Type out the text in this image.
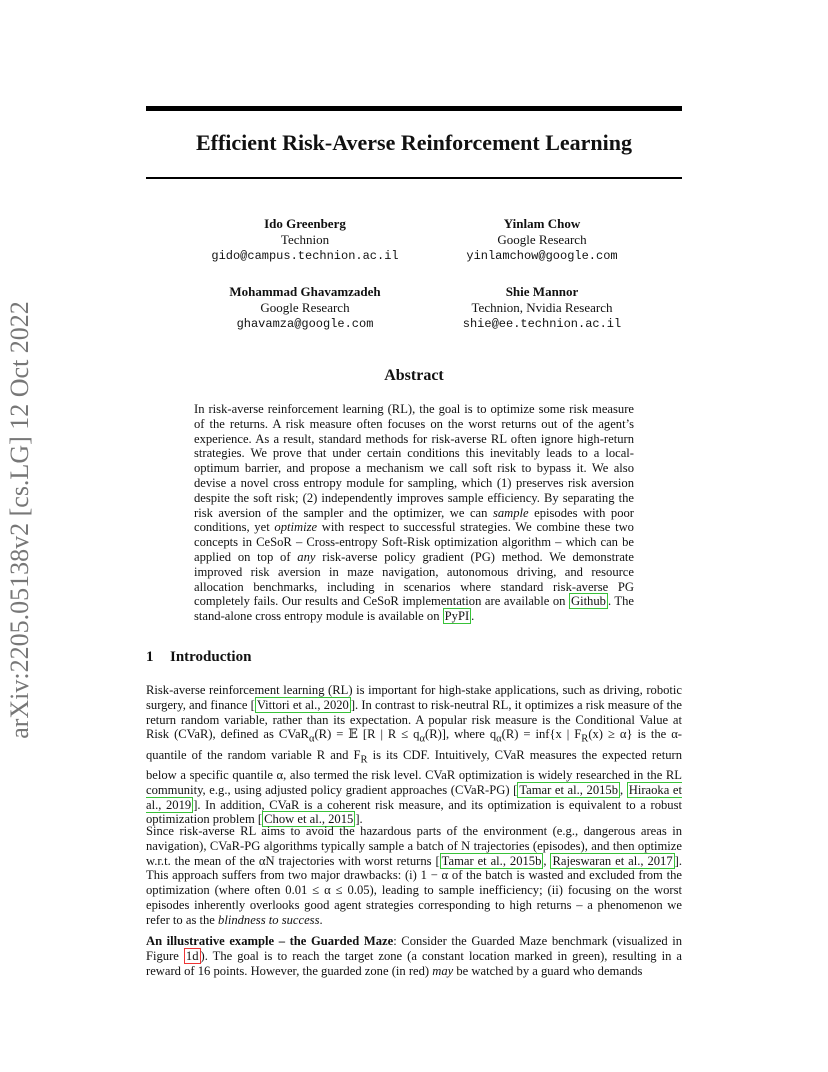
arXiv:2205.05138v2 [cs.LG] 12 Oct 2022
Efficient Risk-Averse Reinforcement Learning
Ido Greenberg
Technion
gido@campus.technion.ac.il
Yinlam Chow
Google Research
yinlamchow@google.com
Mohammad Ghavamzadeh
Google Research
ghavamza@google.com
Shie Mannor
Technion, Nvidia Research
shie@ee.technion.ac.il
Abstract
In risk-averse reinforcement learning (RL), the goal is to optimize some risk measure of the returns. A risk measure often focuses on the worst returns out of the agent’s experience. As a result, standard methods for risk-averse RL often ignore high-return strategies. We prove that under certain conditions this inevitably leads to a local-optimum barrier, and propose a mechanism we call soft risk to bypass it. We also devise a novel cross entropy module for sampling, which (1) preserves risk aversion despite the soft risk; (2) independently improves sample efficiency. By separating the risk aversion of the sampler and the optimizer, we can sample episodes with poor conditions, yet optimize with respect to successful strategies. We combine these two concepts in CeSoR – Cross-entropy Soft-Risk optimization algorithm – which can be applied on top of any risk-averse policy gradient (PG) method. We demonstrate improved risk aversion in maze navigation, autonomous driving, and resource allocation benchmarks, including in scenarios where standard risk-averse PG completely fails. Our results and CeSoR implementation are available on Github . The stand-alone cross entropy module is available on PyPI .
1 Introduction
Risk-averse reinforcement learning (RL) is important for high-stake applications, such as driving, robotic surgery, and finance [ Vittori et al., 2020 ]. In contrast to risk-neutral RL, it optimizes a risk measure of the return random variable, rather than its expectation. A popular risk measure is the Conditional Value at Risk (CVaR), defined as CVaR$_\alpha$(R) = 𝔼 [R | $R \le q_\alpha(R)$], where $q_\alpha(R) = inf\{x$ | $F_R(x) \ge \alpha$} is the α-quantile of the random variable R and $F_R$ is its CDF. Intuitively, CVaR measures the expected return below a specific quantile α, also termed the risk level. CVaR optimization is widely researched in the RL community, e.g., using adjusted policy gradient approaches (CVaR-PG) [ Tamar et al., 2015b , Hiraoka et al., 2019 ]. In addition, CVaR is a coherent risk measure, and its optimization is equivalent to a robust optimization problem [ Chow et al., 2015 ].
Since risk-averse RL aims to avoid the hazardous parts of the environment (e.g., dangerous areas in navigation), CVaR-PG algorithms typically sample a batch of N trajectories (episodes), and then optimize w.r.t. the mean of the αN trajectories with worst returns [ Tamar et al., 2015b , Rajeswaran et al., 2017 ]. This approach suffers from two major drawbacks: (i) 1 − α of the batch is wasted and excluded from the optimization (where often 0.01 ≤ α ≤ 0.05), leading to sample inefficiency; (ii) focusing on the worst episodes inherently overlooks good agent strategies corresponding to high returns – a phenomenon we refer to as the blindness to success.
An illustrative example – the Guarded Maze: Consider the Guarded Maze benchmark (visualized in Figure 1d ). The goal is to reach the target zone (a constant location marked in green), resulting in a reward of 16 points. However, the guarded zone (in red) may be watched by a guard who demands
